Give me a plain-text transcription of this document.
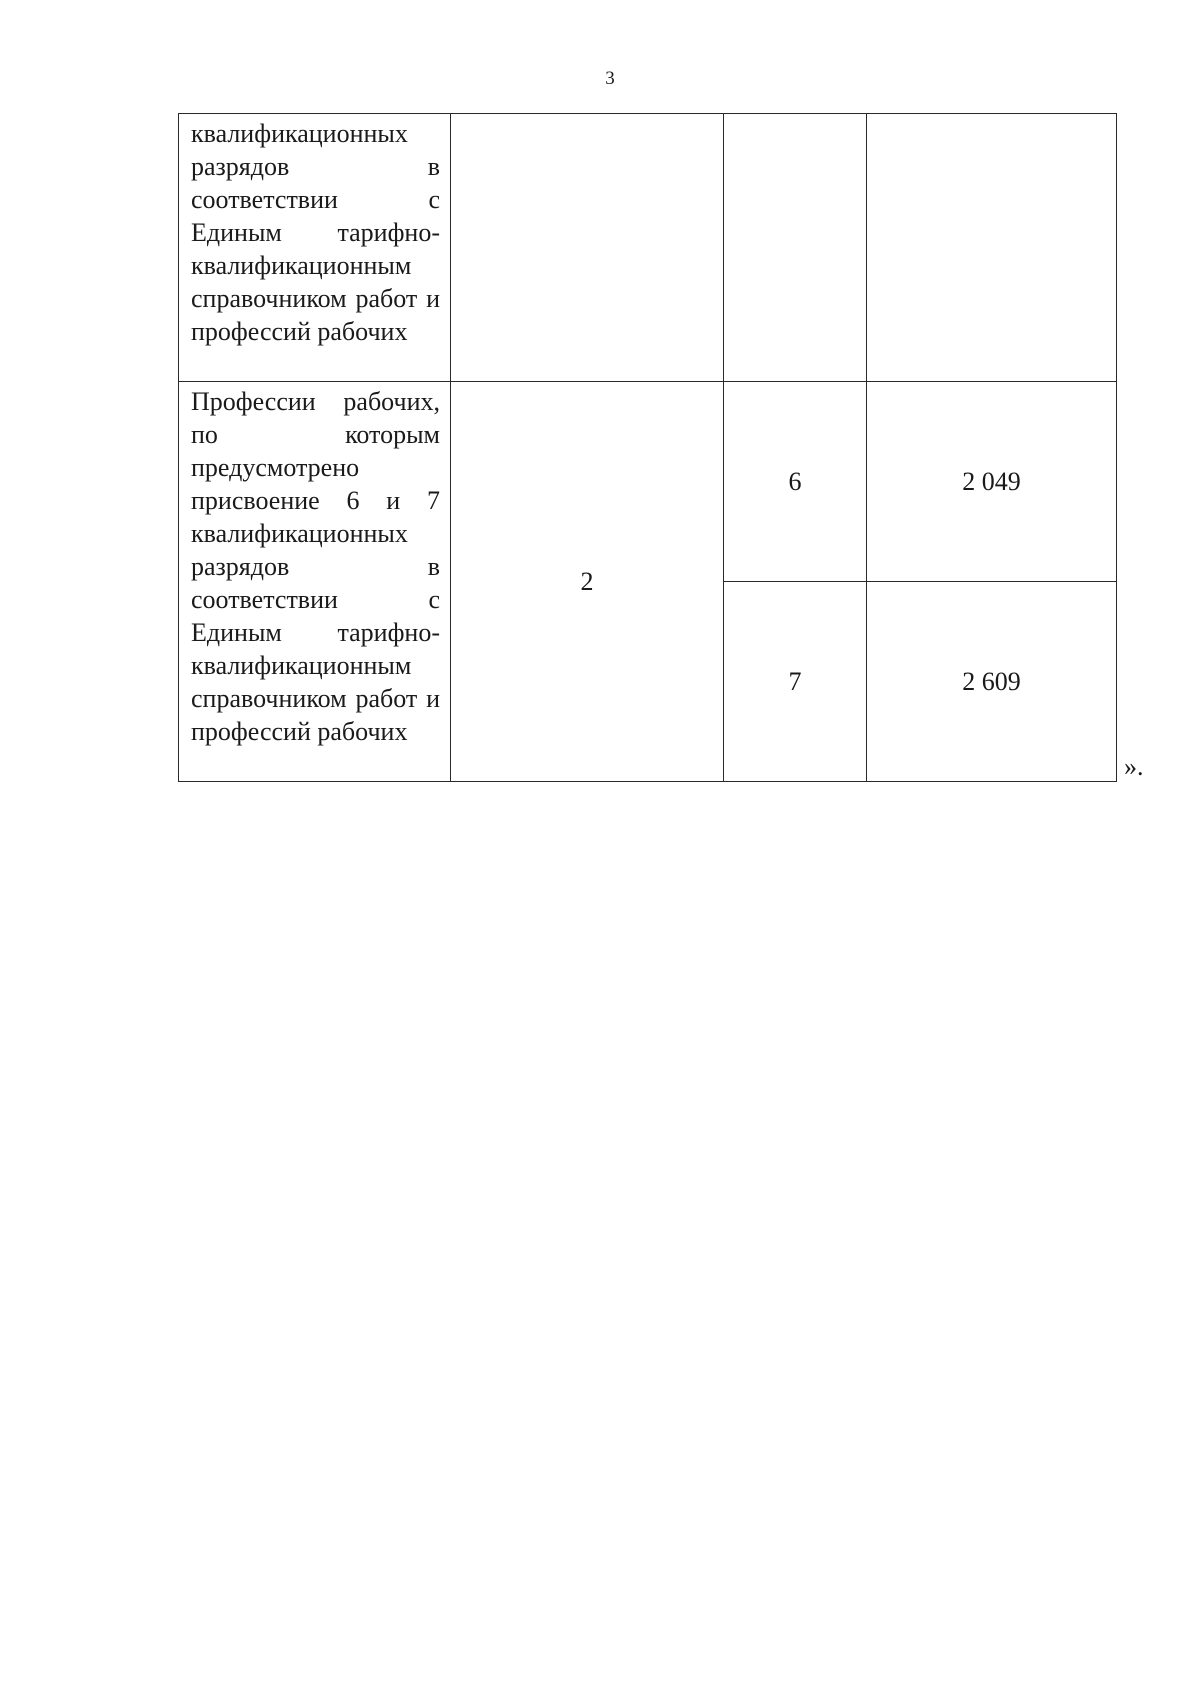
3
квалификационных разрядов в соответствии с Единым тарифно-квалификационным справочником работ и профессий рабочих			
Профессии рабочих, по которым предусмотрено присвоение 6 и 7 квалификационных разрядов в соответствии с Единым тарифно-квалификационным справочником работ и профессий рабочих	2	6	2 049
		7	2 609
».
